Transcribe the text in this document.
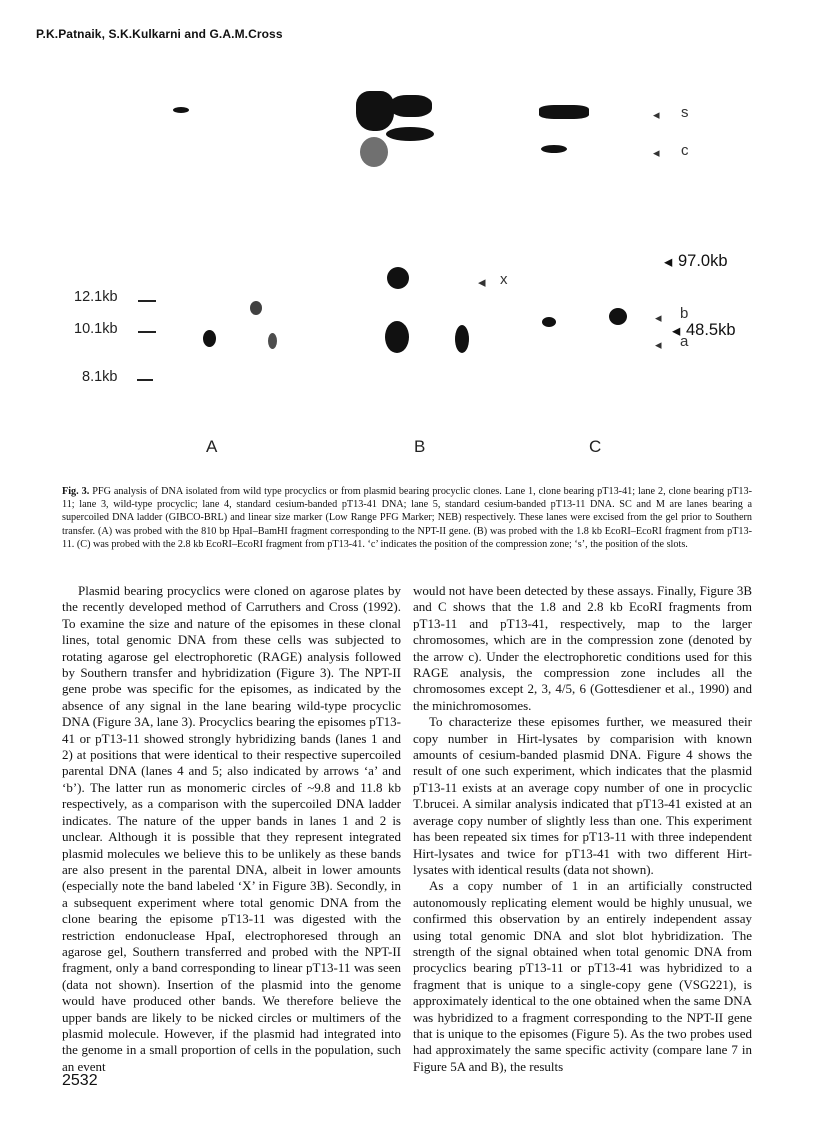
P.K.Patnaik, S.K.Kulkarni and G.A.M.Cross
12.1kb
10.1kb
8.1kb
◂ s
◂ c
◂ 97.0kb
◂ x
◂ b
◂ 48.5kb
◂ a
A	B	C
Fig. 3. PFG analysis of DNA isolated from wild type procyclics or from plasmid bearing procyclic clones. Lane 1, clone bearing pT13-41; lane 2, clone bearing pT13-11; lane 3, wild-type procyclic; lane 4, standard cesium-banded pT13-41 DNA; lane 5, standard cesium-banded pT13-11 DNA. SC and M are lanes bearing a supercoiled DNA ladder (GIBCO-BRL) and linear size marker (Low Range PFG Marker; NEB) respectively. These lanes were excised from the gel prior to Southern transfer. (A) was probed with the 810 bp HpaI–BamHI fragment corresponding to the NPT-II gene. (B) was probed with the 1.8 kb EcoRI–EcoRI fragment from pT13-11. (C) was probed with the 2.8 kb EcoRI–EcoRI fragment from pT13-41. ‘c’ indicates the position of the compression zone; ‘s’, the position of the slots.

Plasmid bearing procyclics were cloned on agarose plates by the recently developed method of Carruthers and Cross (1992). To examine the size and nature of the episomes in these clonal lines, total genomic DNA from these cells was subjected to rotating agarose gel electrophoretic (RAGE) analysis followed by Southern transfer and hybridization (Figure 3). The NPT-II gene probe was specific for the episomes, as indicated by the absence of any signal in the lane bearing wild-type procyclic DNA (Figure 3A, lane 3). Procyclics bearing the episomes pT13-41 or pT13-11 showed strongly hybridizing bands (lanes 1 and 2) at positions that were identical to their respective supercoiled parental DNA (lanes 4 and 5; also indicated by arrows ‘a’ and ‘b’). The latter run as monomeric circles of ~9.8 and 11.8 kb respectively, as a comparison with the supercoiled DNA ladder indicates. The nature of the upper bands in lanes 1 and 2 is unclear. Although it is possible that they represent integrated plasmid molecules we believe this to be unlikely as these bands are also present in the parental DNA, albeit in lower amounts (especially note the band labeled ‘X’ in Figure 3B). Secondly, in a subsequent experiment where total genomic DNA from the clone bearing the episome pT13-11 was digested with the restriction endonuclease HpaI, electrophoresed through an agarose gel, Southern transferred and probed with the NPT-II fragment, only a band corresponding to linear pT13-11 was seen (data not shown). Insertion of the plasmid into the genome would have produced other bands. We therefore believe the upper bands are likely to be nicked circles or multimers of the plasmid molecule. However, if the plasmid had integrated into the genome in a small proportion of cells in the population, such an event

would not have been detected by these assays. Finally, Figure 3B and C shows that the 1.8 and 2.8 kb EcoRI fragments from pT13-11 and pT13-41, respectively, map to the larger chromosomes, which are in the compression zone (denoted by the arrow c). Under the electrophoretic conditions used for this RAGE analysis, the compression zone includes all the chromosomes except 2, 3, 4/5, 6 (Gottesdiener et al., 1990) and the minichromosomes.

To characterize these episomes further, we measured their copy number in Hirt-lysates by comparision with known amounts of cesium-banded plasmid DNA. Figure 4 shows the result of one such experiment, which indicates that the plasmid pT13-11 exists at an average copy number of one in procyclic T.brucei. A similar analysis indicated that pT13-41 existed at an average copy number of slightly less than one. This experiment has been repeated six times for pT13-11 with three independent Hirt-lysates and twice for pT13-41 with two different Hirt-lysates with identical results (data not shown).

As a copy number of 1 in an artificially constructed autonomously replicating element would be highly unusual, we confirmed this observation by an entirely independent assay using total genomic DNA and slot blot hybridization. The strength of the signal obtained when total genomic DNA from procyclics bearing pT13-11 or pT13-41 was hybridized to a fragment that is unique to a single-copy gene (VSG221), is approximately identical to the one obtained when the same DNA was hybridized to a fragment corresponding to the NPT-II gene that is unique to the episomes (Figure 5). As the two probes used had approximately the same specific activity (compare lane 7 in Figure 5A and B), the results

2532
